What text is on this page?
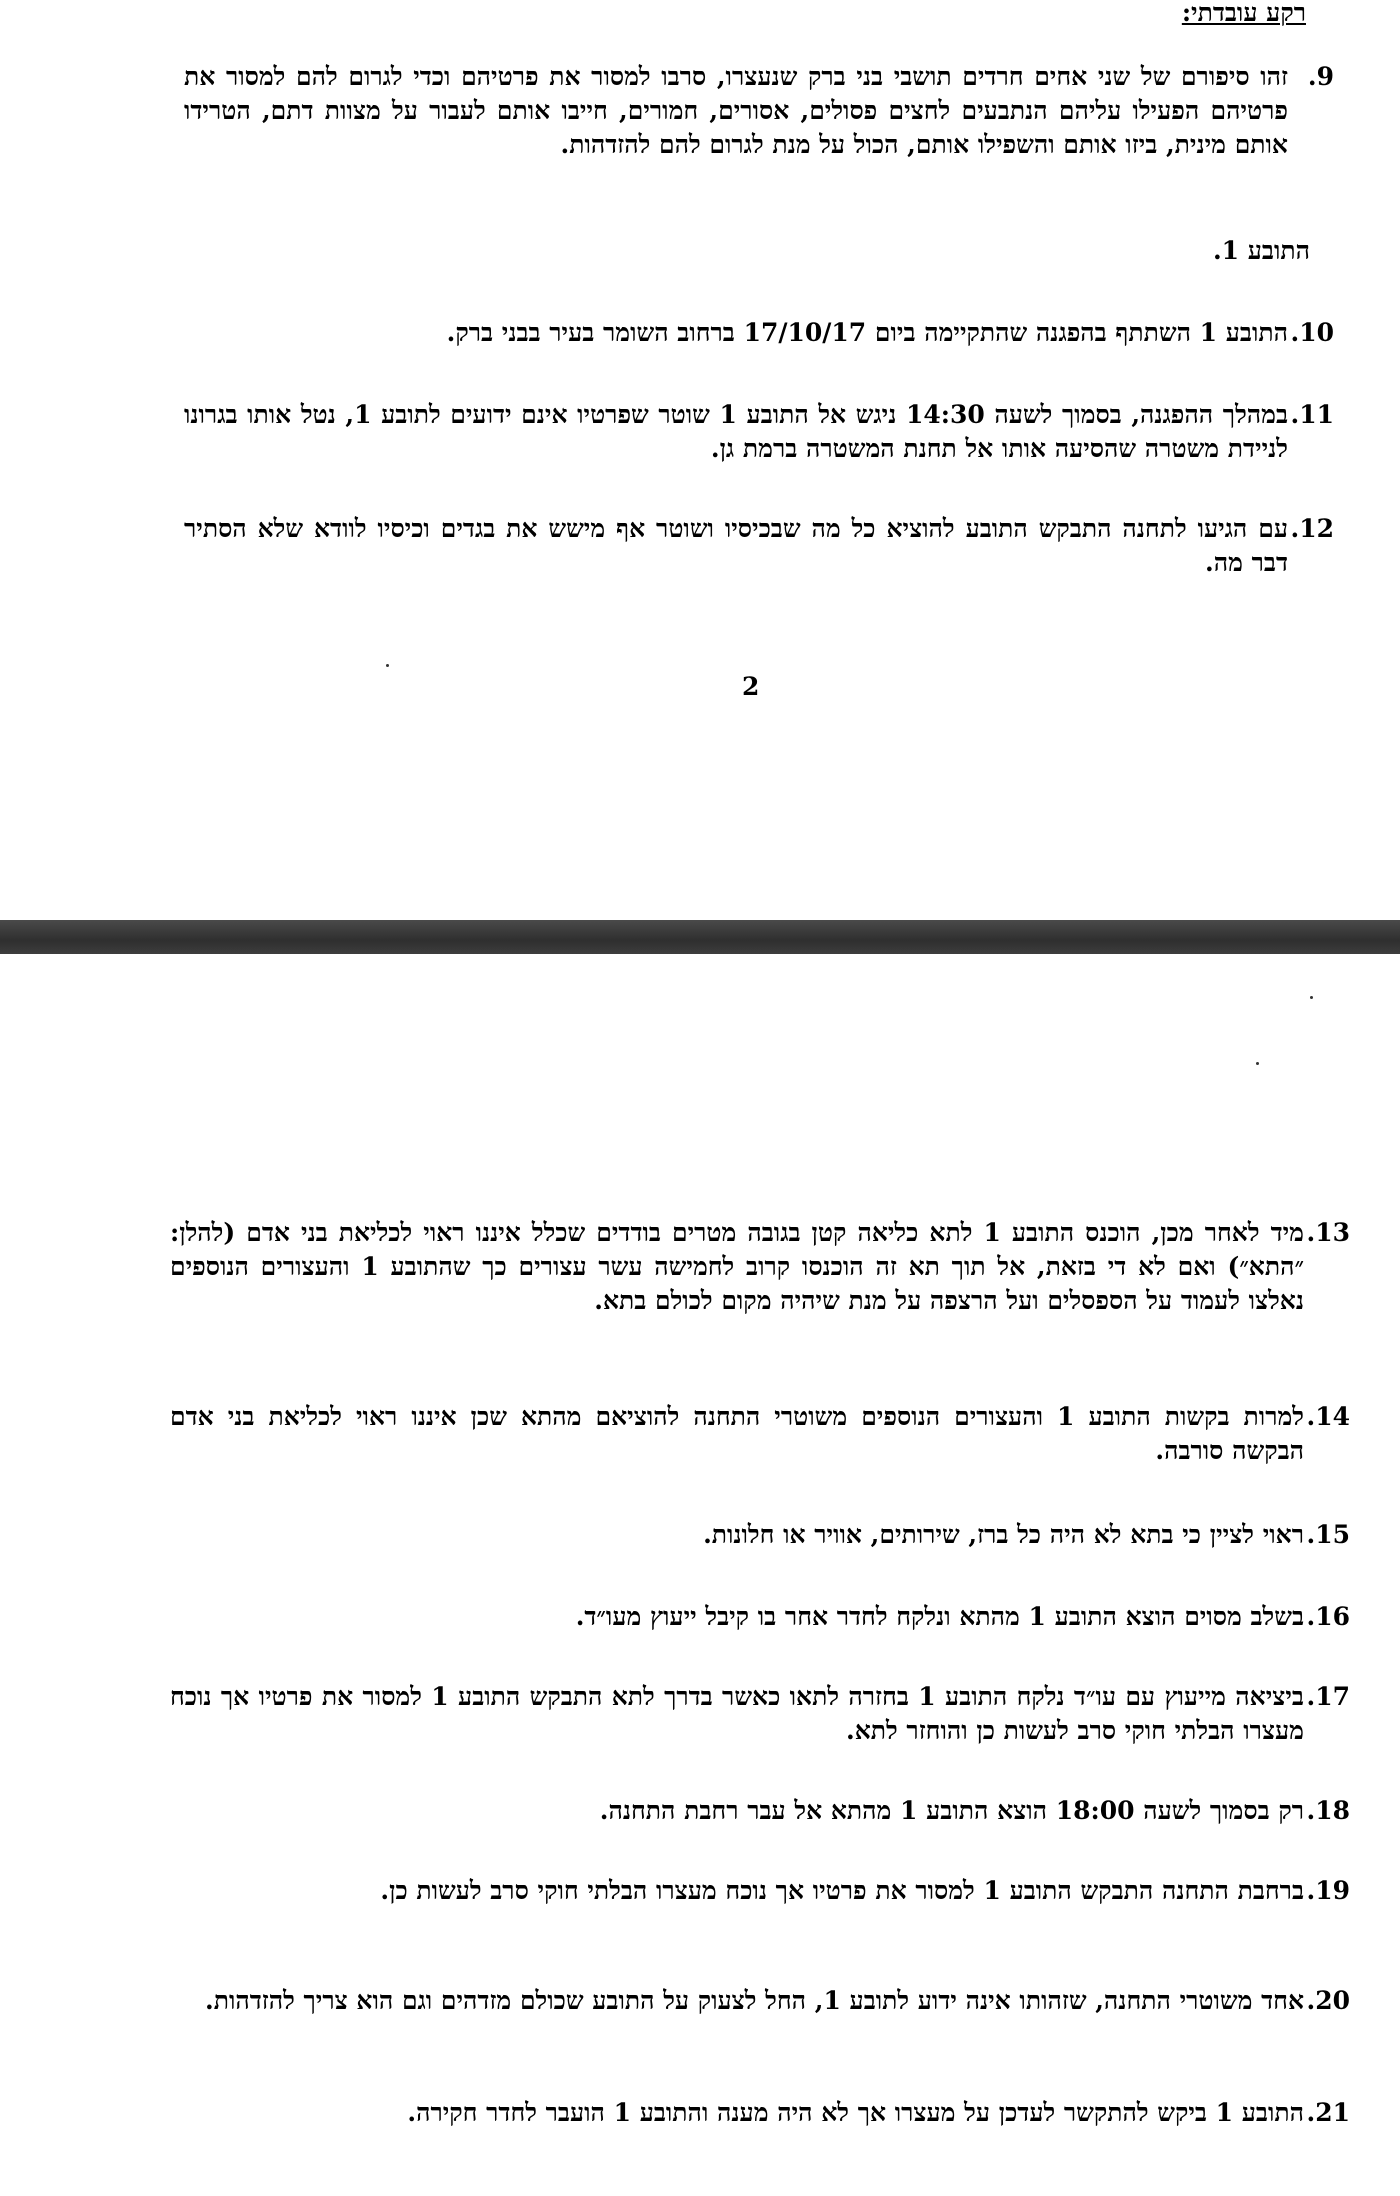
רקע עובדתי:
9.
זהו סיפורם של שני אחים חרדים תושבי בני ברק שנעצרו, סרבו למסור את פרטיהם וכדי לגרום להם למסור את פרטיהם הפעילו עליהם הנתבעים לחצים פסולים, אסורים, חמורים, חייבו אותם לעבור על מצוות דתם, הטרידו אותם מינית, ביזו אותם והשפילו אותם, הכול על מנת לגרום להם להזדהות.
התובע 1.
10.
התובע 1 השתתף בהפגנה שהתקיימה ביום 17/10/17 ברחוב השומר בעיר בבני ברק.
11.
במהלך ההפגנה, בסמוך לשעה 14:30 ניגש אל התובע 1 שוטר שפרטיו אינם ידועים לתובע 1, נטל אותו בגרונו לניידת משטרה שהסיעה אותו אל תחנת המשטרה ברמת גן.
12.
עם הגיעו לתחנה התבקש התובע להוציא כל מה שבכיסיו ושוטר אף מישש את בגדים וכיסיו לוודא שלא הסתיר דבר מה.
2
13.
מיד לאחר מכן, הוכנס התובע 1 לתא כליאה קטן בגובה מטרים בודדים שכלל איננו ראוי לכליאת בני אדם (להלן: ״התא״) ואם לא די בזאת, אל תוך תא זה הוכנסו קרוב לחמישה עשר עצורים כך שהתובע 1 והעצורים הנוספים נאלצו לעמוד על הספסלים ועל הרצפה על מנת שיהיה מקום לכולם בתא.
14.
למרות בקשות התובע 1 והעצורים הנוספים משוטרי התחנה להוציאם מהתא שכן איננו ראוי לכליאת בני אדם הבקשה סורבה.
15.
ראוי לציין כי בתא לא היה כל ברז, שירותים, אוויר או חלונות.
16.
בשלב מסוים הוצא התובע 1 מהתא ונלקח לחדר אחר בו קיבל ייעוץ מעו״ד.
17.
ביציאה מייעוץ עם עו״ד נלקח התובע 1 בחזרה לתאו כאשר בדרך לתא התבקש התובע 1 למסור את פרטיו אך נוכח מעצרו הבלתי חוקי סרב לעשות כן והוחזר לתא.
18.
רק בסמוך לשעה 18:00 הוצא התובע 1 מהתא אל עבר רחבת התחנה.
19.
ברחבת התחנה התבקש התובע 1 למסור את פרטיו אך נוכח מעצרו הבלתי חוקי סרב לעשות כן.
20.
אחד משוטרי התחנה, שזהותו אינה ידוע לתובע 1, החל לצעוק על התובע שכולם מזדהים וגם הוא צריך להזדהות.
21.
התובע 1 ביקש להתקשר לעדכן על מעצרו אך לא היה מענה והתובע 1 הועבר לחדר חקירה.
